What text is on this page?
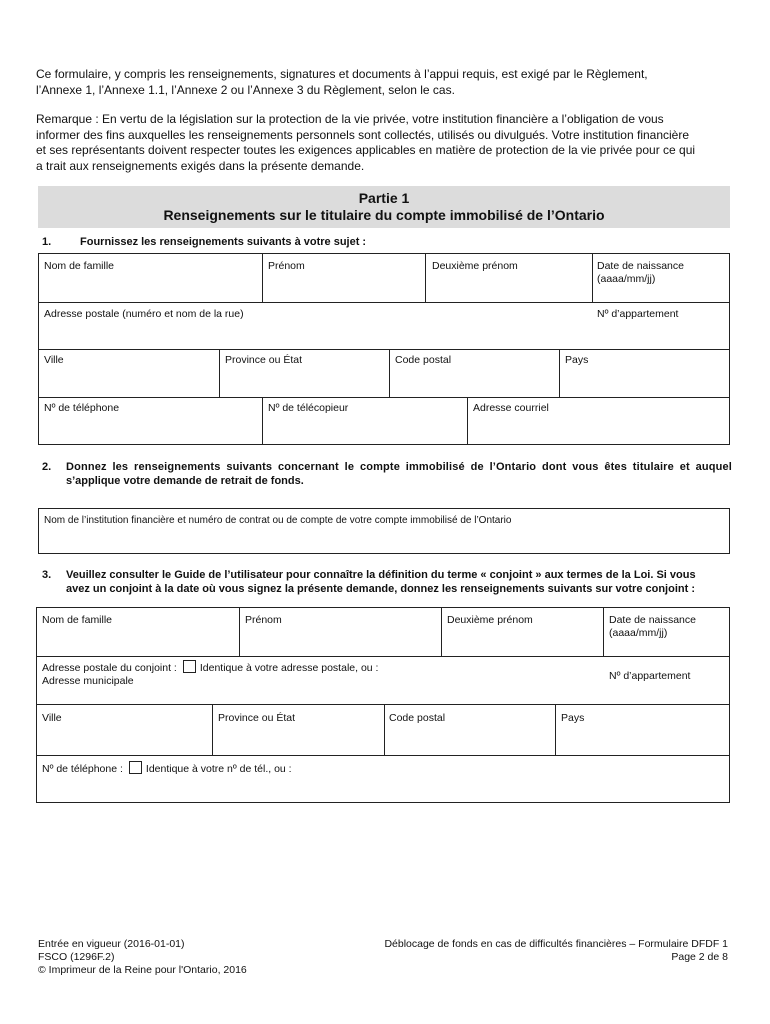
Ce formulaire, y compris les renseignements, signatures et documents à l’appui requis, est exigé par le Règlement,

l’Annexe 1, l’Annexe 1.1, l’Annexe 2 ou l’Annexe 3 du Règlement, selon le cas.

Remarque : En vertu de la législation sur la protection de la vie privée, votre institution financière a l’obligation de vous

informer des fins auxquelles les renseignements personnels sont collectés, utilisés ou divulgués. Votre institution financière

et ses représentants doivent respecter toutes les exigences applicables en matière de protection de la vie privée pour ce qui

a trait aux renseignements exigés dans la présente demande.

Partie 1
Renseignements sur le titulaire du compte immobilisé de l’Ontario
1.	Fournissez les renseignements suivants à votre sujet :
Nom de famille	Prénom	Deuxième prénom	Date de naissance
(aaaa/mm/jj)
Adresse postale (numéro et nom de la rue)	Nº d’appartement
Ville	Province ou État	Code postal	Pays
Nº de téléphone	Nº de télécopieur	Adresse courriel
2.	Donnez les renseignements suivants concernant le compte immobilisé de l’Ontario dont vous êtes titulaire et auquel
s’applique votre demande de retrait de fonds.
Nom de l’institution financière et numéro de contrat ou de compte de votre compte immobilisé de l’Ontario
3. Veuillez consulter le Guide de l’utilisateur pour connaître la définition du terme « conjoint » aux termes de la Loi. Si vous
avez un conjoint à la date où vous signez la présente demande, donnez les renseignements suivants sur votre conjoint :
Nom de famille	Prénom	Deuxième prénom	Date de naissance
(aaaa/mm/jj)
Adresse postale du conjoint : Identique à votre adresse postale, ou :
Adresse municipale	Nº d’appartement
Ville	Province ou État	Code postal	Pays
Nº de téléphone : Identique à votre nº de tél., ou :
Entrée en vigueur (2016-01-01)
FSCO (1296F.2)
© Imprimeur de la Reine pour l'Ontario, 2016
Déblocage de fonds en cas de difficultés financières – Formulaire DFDF 1
Page 2 de 8
